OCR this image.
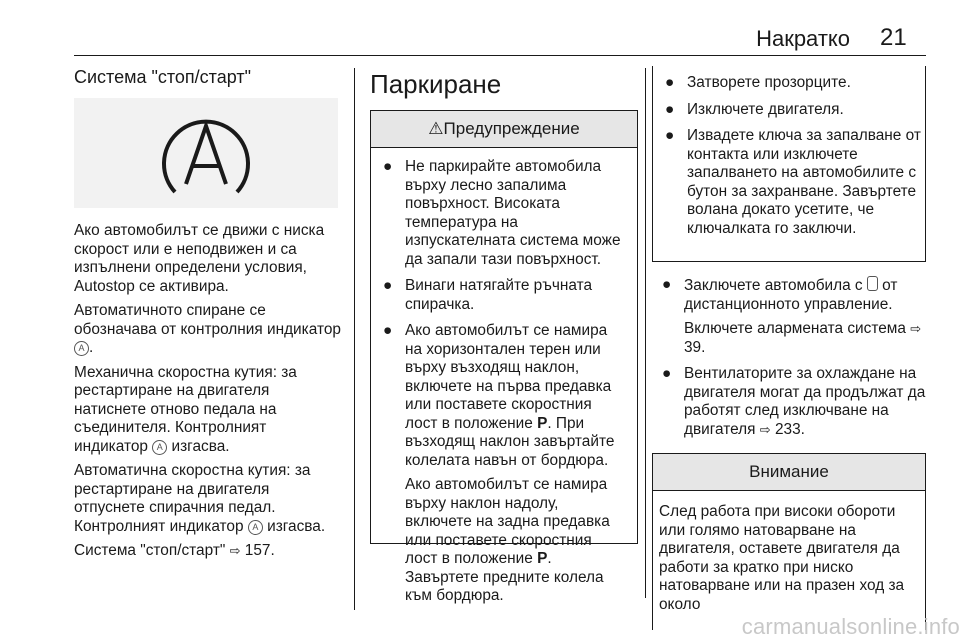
Накратко 21
Система "стоп/старт"

Ако автомобилът се движи с ниска скорост или е неподвижен и са изпълнени определени условия, Autostop се активира.

Автоматичното спиране се обозначава от контролния индикатор A .

Механична скоростна кутия: за рестартиране на двигателя натиснете отново педала на съединителя. Контролният индикатор A изгасва.

Автоматична скоростна кутия: за рестартиране на двигателя отпуснете спирачния педал. Контролният индикатор A изгасва.

Система "стоп/старт" ⇨ 157.

Паркиране
⚠Предупреждение
● Не паркирайте автомобила върху лесно запалима повърхност. Високата температура на изпускателната система може да запали тази повърхност.
● Винаги натягайте ръчната спирачка.
● Ако автомобилът се намира на хоризонтален терен или върху възходящ наклон, включете на първа предавка или поставете скоростния лост в положение P. При възходящ наклон завъртайте колелата навън от бордюра.

Ако автомобилът се намира върху наклон надолу, включете на задна предавка или поставете скоростния лост в положение P. Завъртете предните колела към бордюра.

● Затворете прозорците.
● Изключете двигателя.
● Извадете ключа за запалване от контакта или изключете запалването на автомобилите с бутон за захранване. Завъртете волана докато усетите, че ключалката го заключи.
● Заключете автомобила с  от дистанционното управление.

Включете алармената система ⇨ 39.

● Вентилаторите за охлаждане на двигателя могат да продължат да работят след изключване на двигателя ⇨ 233.
Внимание
След работа при високи обороти или голямо натоварване на двигателя, оставете двигателя да работи за кратко при ниско натоварване или на празен ход за около
carmanualsonline.info
